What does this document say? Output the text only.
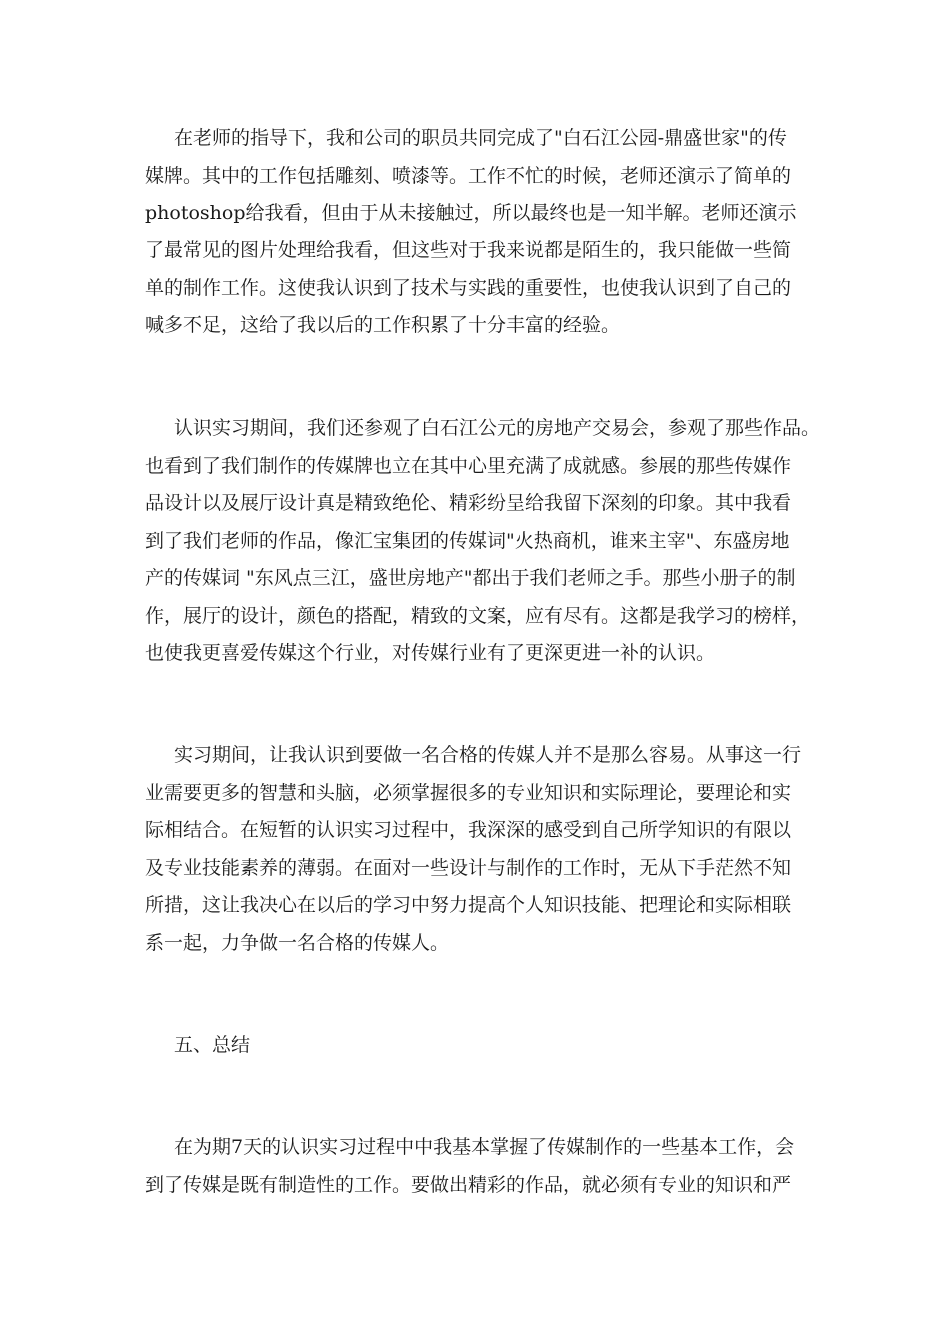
在老师的指导下，我和公司的职员共同完成了"白石江公园-鼎盛世家"的传
媒牌。其中的工作包括雕刻、喷漆等。工作不忙的时候，老师还演示了简单的
photoshop给我看，但由于从未接触过，所以最终也是一知半解。老师还演示
了最常见的图片处理给我看，但这些对于我来说都是陌生的，我只能做一些简
单的制作工作。这使我认识到了技术与实践的重要性，也使我认识到了自己的
喊多不足，这给了我以后的工作积累了十分丰富的经验。
认识实习期间，我们还参观了白石江公元的房地产交易会，参观了那些作品。
也看到了我们制作的传媒牌也立在其中心里充满了成就感。参展的那些传媒作
品设计以及展厅设计真是精致绝伦、精彩纷呈给我留下深刻的印象。其中我看
到了我们老师的作品，像汇宝集团的传媒词"火热商机，谁来主宰"、东盛房地
产的传媒词 "东风点三江，盛世房地产"都出于我们老师之手。那些小册子的制
作，展厅的设计，颜色的搭配，精致的文案，应有尽有。这都是我学习的榜样，
也使我更喜爱传媒这个行业，对传媒行业有了更深更进一补的认识。
实习期间，让我认识到要做一名合格的传媒人并不是那么容易。从事这一行
业需要更多的智慧和头脑，必须掌握很多的专业知识和实际理论，要理论和实
际相结合。在短暂的认识实习过程中，我深深的感受到自己所学知识的有限以
及专业技能素养的薄弱。在面对一些设计与制作的工作时，无从下手茫然不知
所措，这让我决心在以后的学习中努力提高个人知识技能、把理论和实际相联
系一起，力争做一名合格的传媒人。
五、总结
在为期7天的认识实习过程中中我基本掌握了传媒制作的一些基本工作，会
到了传媒是既有制造性的工作。要做出精彩的作品，就必须有专业的知识和严
